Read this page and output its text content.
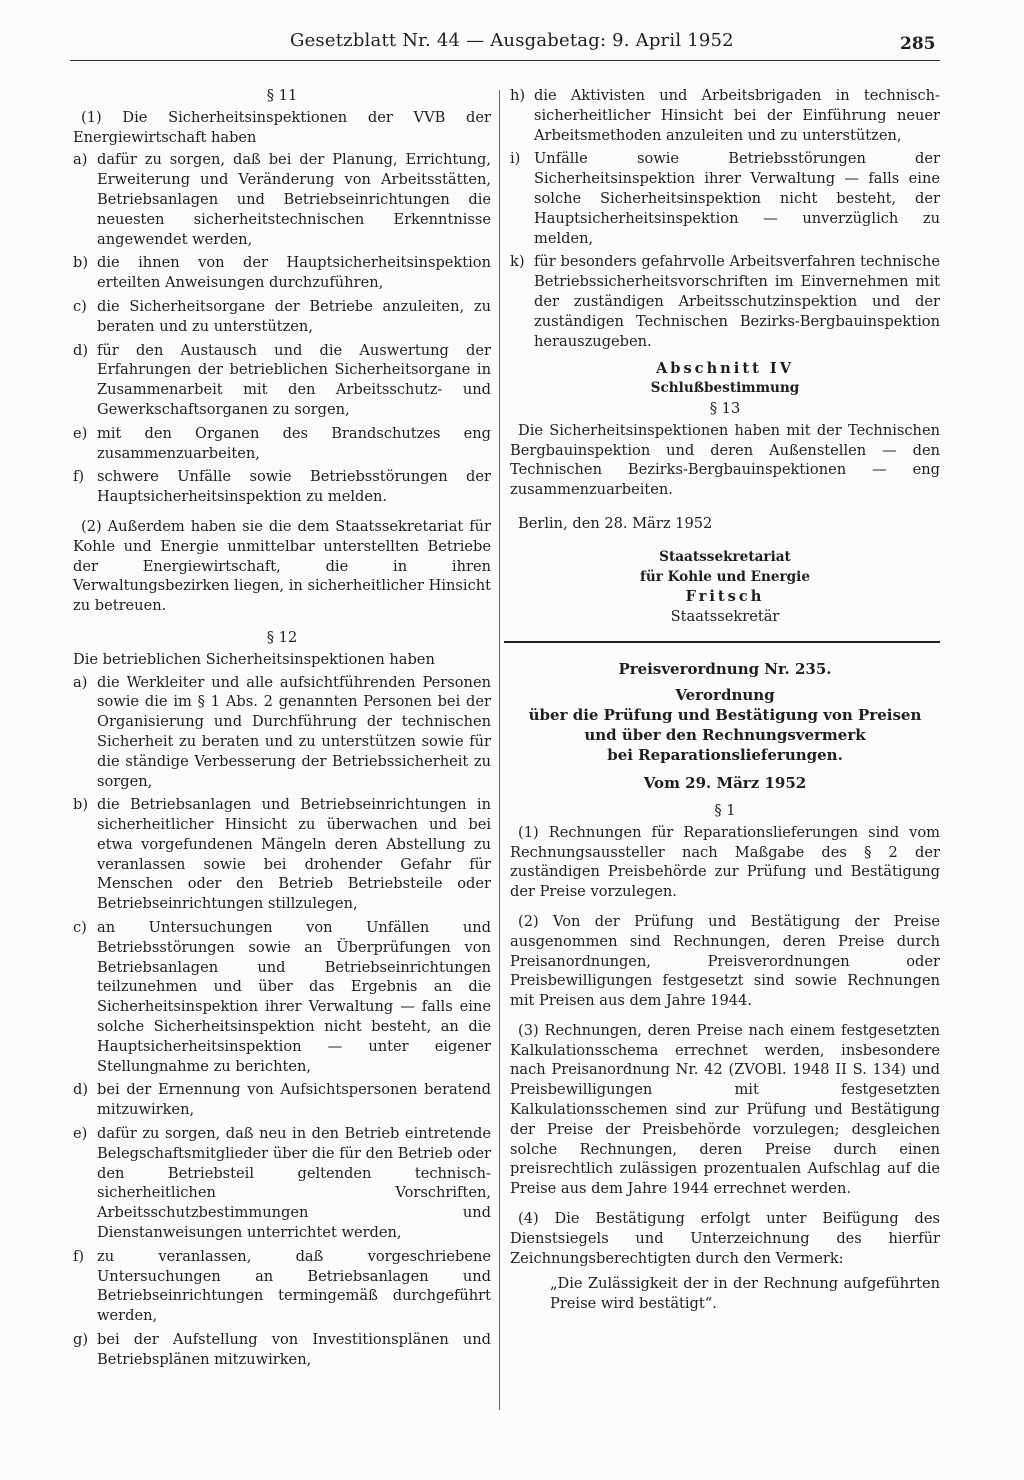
Gesetzblatt Nr. 44 — Ausgabetag: 9. April 1952	285
§ 11
(1) Die Sicherheitsinspektionen der VVB der Energiewirtschaft haben
a) dafür zu sorgen, daß bei der Planung, Errichtung, Erweiterung und Veränderung von Arbeitsstätten, Betriebsanlagen und Betriebseinrichtungen die neuesten sicherheitstechnischen Erkenntnisse angewendet werden,
b) die ihnen von der Hauptsicherheitsinspektion erteilten Anweisungen durchzuführen,
c) die Sicherheitsorgane der Betriebe anzuleiten, zu beraten und zu unterstützen,
d) für den Austausch und die Auswertung der Erfahrungen der betrieblichen Sicherheitsorgane in Zusammenarbeit mit den Arbeitsschutz- und Gewerkschaftsorganen zu sorgen,
e) mit den Organen des Brandschutzes eng zusammenzuarbeiten,
f) schwere Unfälle sowie Betriebsstörungen der Hauptsicherheitsinspektion zu melden.
(2) Außerdem haben sie die dem Staatssekretariat für Kohle und Energie unmittelbar unterstellten Betriebe der Energiewirtschaft, die in ihren Verwaltungsbezirken liegen, in sicherheitlicher Hinsicht zu betreuen.
§ 12
Die betrieblichen Sicherheitsinspektionen haben
a) die Werkleiter und alle aufsichtführenden Personen sowie die im § 1 Abs. 2 genannten Personen bei der Organisierung und Durchführung der technischen Sicherheit zu beraten und zu unterstützen sowie für die ständige Verbesserung der Betriebssicherheit zu sorgen,
b) die Betriebsanlagen und Betriebseinrichtungen in sicherheitlicher Hinsicht zu überwachen und bei etwa vorgefundenen Mängeln deren Abstellung zu veranlassen sowie bei drohender Gefahr für Menschen oder den Betrieb Betriebsteile oder Betriebseinrichtungen stillzulegen,
c) an Untersuchungen von Unfällen und Betriebsstörungen sowie an Überprüfungen von Betriebsanlagen und Betriebseinrichtungen teilzunehmen und über das Ergebnis an die Sicherheitsinspektion ihrer Verwaltung — falls eine solche Sicherheitsinspektion nicht besteht, an die Hauptsicherheitsinspektion — unter eigener Stellungnahme zu berichten,
d) bei der Ernennung von Aufsichtspersonen beratend mitzuwirken,
e) dafür zu sorgen, daß neu in den Betrieb eintretende Belegschaftsmitglieder über die für den Betrieb oder den Betriebsteil geltenden technisch-sicherheitlichen Vorschriften, Arbeitsschutzbestimmungen und Dienstanweisungen unterrichtet werden,
f) zu veranlassen, daß vorgeschriebene Untersuchungen an Betriebsanlagen und Betriebseinrichtungen termingemäß durchgeführt werden,
g) bei der Aufstellung von Investitionsplänen und Betriebsplänen mitzuwirken,
h) die Aktivisten und Arbeitsbrigaden in technisch-sicherheitlicher Hinsicht bei der Einführung neuer Arbeitsmethoden anzuleiten und zu unterstützen,
i) Unfälle sowie Betriebsstörungen der Sicherheitsinspektion ihrer Verwaltung — falls eine solche Sicherheitsinspektion nicht besteht, der Hauptsicherheitsinspektion — unverzüglich zu melden,
k) für besonders gefahrvolle Arbeitsverfahren technische Betriebssicherheitsvorschriften im Einvernehmen mit der zuständigen Arbeitsschutzinspektion und der zuständigen Technischen Bezirks-Bergbauinspektion herauszugeben.
Abschnitt IV
Schlußbestimmung
§ 13
Die Sicherheitsinspektionen haben mit der Technischen Bergbauinspektion und deren Außenstellen — den Technischen Bezirks-Bergbauinspektionen — eng zusammenzuarbeiten.
Berlin, den 28. März 1952
Staatssekretariat
für Kohle und Energie
Fritsch
Staatssekretär
Preisverordnung Nr. 235.
Verordnung
über die Prüfung und Bestätigung von Preisen
und über den Rechnungsvermerk
bei Reparationslieferungen.
Vom 29. März 1952
§ 1
(1) Rechnungen für Reparationslieferungen sind vom Rechnungsaussteller nach Maßgabe des § 2 der zuständigen Preisbehörde zur Prüfung und Bestätigung der Preise vorzulegen.
(2) Von der Prüfung und Bestätigung der Preise ausgenommen sind Rechnungen, deren Preise durch Preisanordnungen, Preisverordnungen oder Preisbewilligungen festgesetzt sind sowie Rechnungen mit Preisen aus dem Jahre 1944.
(3) Rechnungen, deren Preise nach einem festgesetzten Kalkulationsschema errechnet werden, insbesondere nach Preisanordnung Nr. 42 (ZVOBl. 1948 II S. 134) und Preisbewilligungen mit festgesetzten Kalkulationsschemen sind zur Prüfung und Bestätigung der Preise der Preisbehörde vorzulegen; desgleichen solche Rechnungen, deren Preise durch einen preisrechtlich zulässigen prozentualen Aufschlag auf die Preise aus dem Jahre 1944 errechnet werden.
(4) Die Bestätigung erfolgt unter Beifügung des Dienstsiegels und Unterzeichnung des hierfür Zeichnungsberechtigten durch den Vermerk:
„Die Zulässigkeit der in der Rechnung aufgeführten Preise wird bestätigt“.
